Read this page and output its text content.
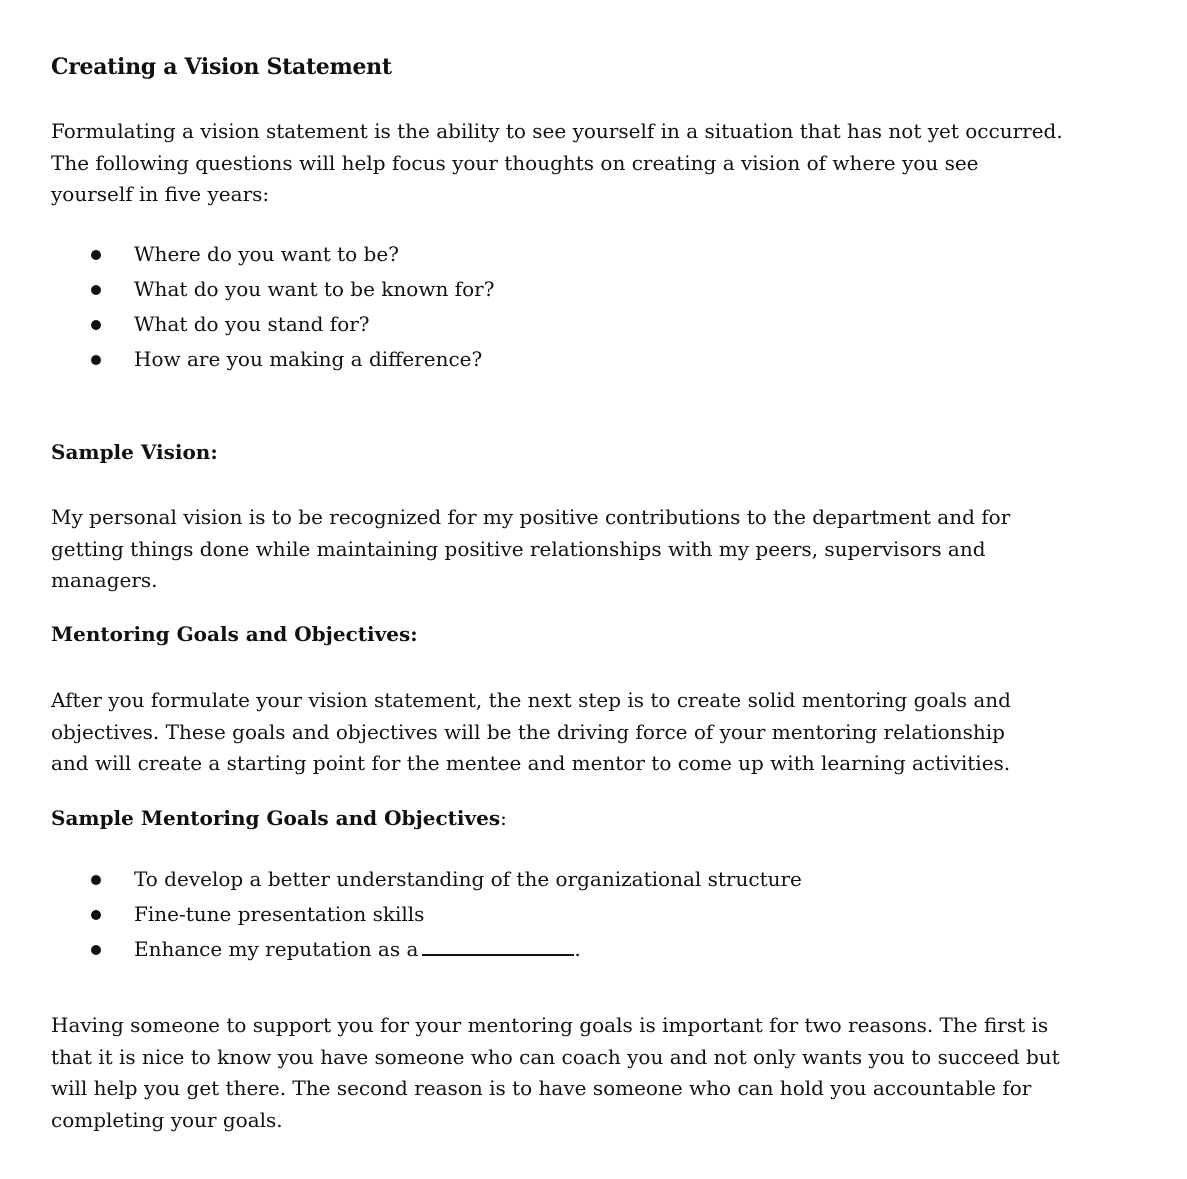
Creating a Vision Statement
Formulating a vision statement is the ability to see yourself in a situation that has not yet occurred.
The following questions will help focus your thoughts on creating a vision of where you see
yourself in five years:
Where do you want to be?
What do you want to be known for?
What do you stand for?
How are you making a difference?
Sample Vision:
My personal vision is to be recognized for my positive contributions to the department and for
getting things done while maintaining positive relationships with my peers, supervisors and
managers.
Mentoring Goals and Objectives:
After you formulate your vision statement, the next step is to create solid mentoring goals and
objectives. These goals and objectives will be the driving force of your mentoring relationship
and will create a starting point for the mentee and mentor to come up with learning activities.
Sample Mentoring Goals and Objectives:
To develop a better understanding of the organizational structure
Fine-tune presentation skills
Enhance my reputation as a	.
Having someone to support you for your mentoring goals is important for two reasons. The first is
that it is nice to know you have someone who can coach you and not only wants you to succeed but
will help you get there. The second reason is to have someone who can hold you accountable for
completing your goals.
